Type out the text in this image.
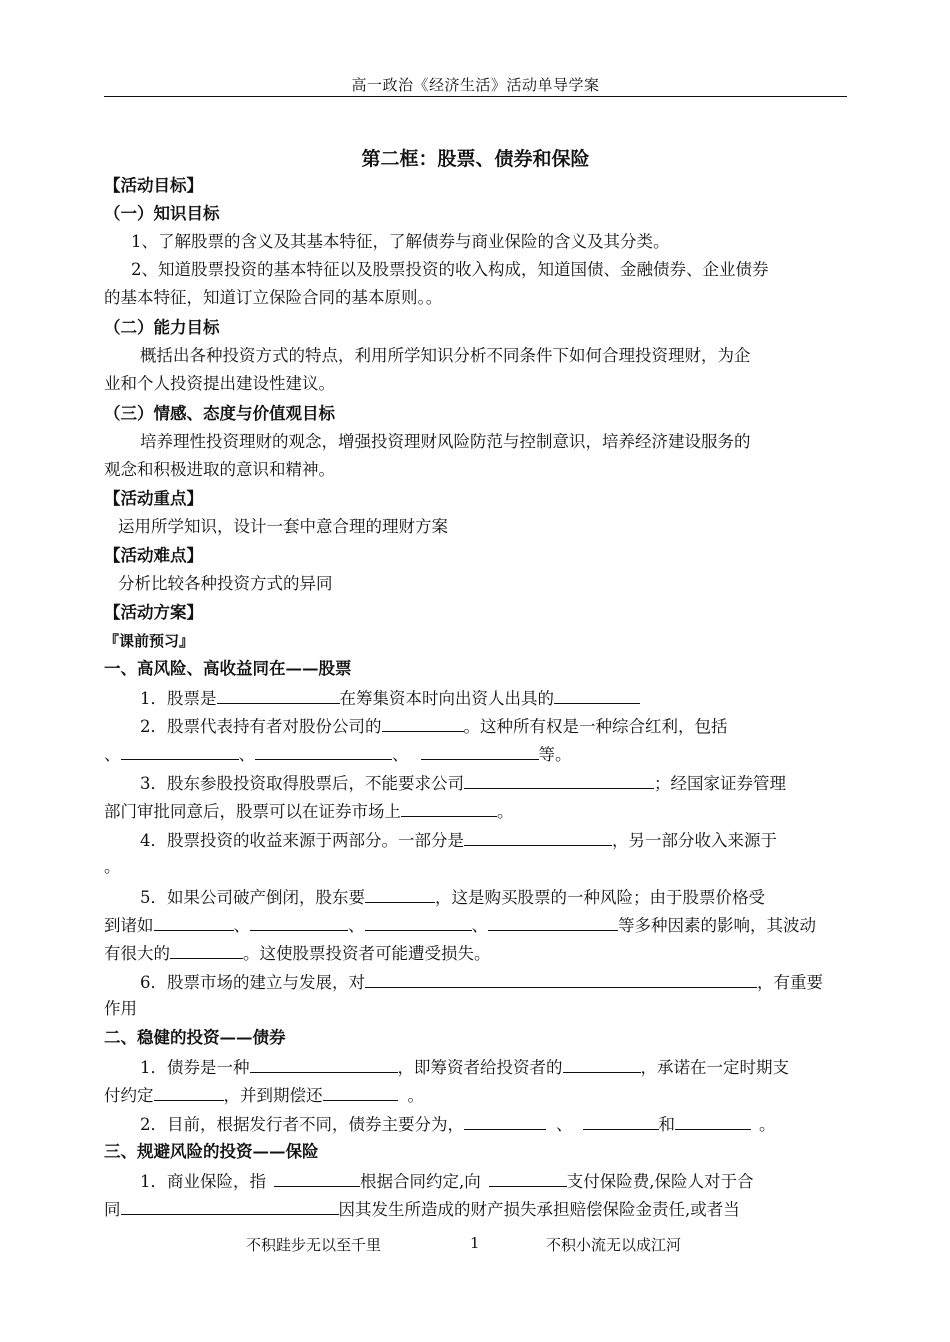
高一政治《经济生活》活动单导学案
第二框：股票、债券和保险
【活动目标】
（一）知识目标
1、了解股票的含义及其基本特征，了解债券与商业保险的含义及其分类。
2、知道股票投资的基本特征以及股票投资的收入构成，知道国债、金融债券、企业债券
的基本特征，知道订立保险合同的基本原则。。
（二）能力目标
概括出各种投资方式的特点，利用所学知识分析不同条件下如何合理投资理财，为企
业和个人投资提出建设性建议。
（三）情感、态度与价值观目标
培养理性投资理财的观念，增强投资理财风险防范与控制意识，培养经济建设服务的
观念和积极进取的意识和精神。
【活动重点】
运用所学知识，设计一套中意合理的理财方案
【活动难点】
分析比较各种投资方式的异同
【活动方案】
『课前预习』
一、高风险、高收益同在——股票
1．股票是	在筹集资本时向出资人出具的
2．股票代表持有者对股份公司的	。这种所有权是一种综合红利，包括
、	、	、	等。
3．股东参股投资取得股票后，不能要求公司	；经国家证券管理
部门审批同意后，股票可以在证券市场上	。
4．股票投资的收益来源于两部分。一部分是	，另一部分收入来源于
。
5．如果公司破产倒闭，股东要	，这是购买股票的一种风险；由于股票价格受
到诸如	、	、	、	等多种因素的影响，其波动
有很大的	。这使股票投资者可能遭受损失。
6．股票市场的建立与发展，对	，有重要
作用
二、稳健的投资——债券
1．债券是一种	，即筹资者给投资者的	，承诺在一定时期支
付约定	，并到期偿还	。
2．目前，根据发行者不同，债券主要分为，	、	和	。
三、规避风险的投资——保险
1．商业保险，指	根据合同约定,向	支付保险费,保险人对于合
同	因其发生所造成的财产损失承担赔偿保险金责任,或者当
不积跬步无以至千里	1	不积小流无以成江河
